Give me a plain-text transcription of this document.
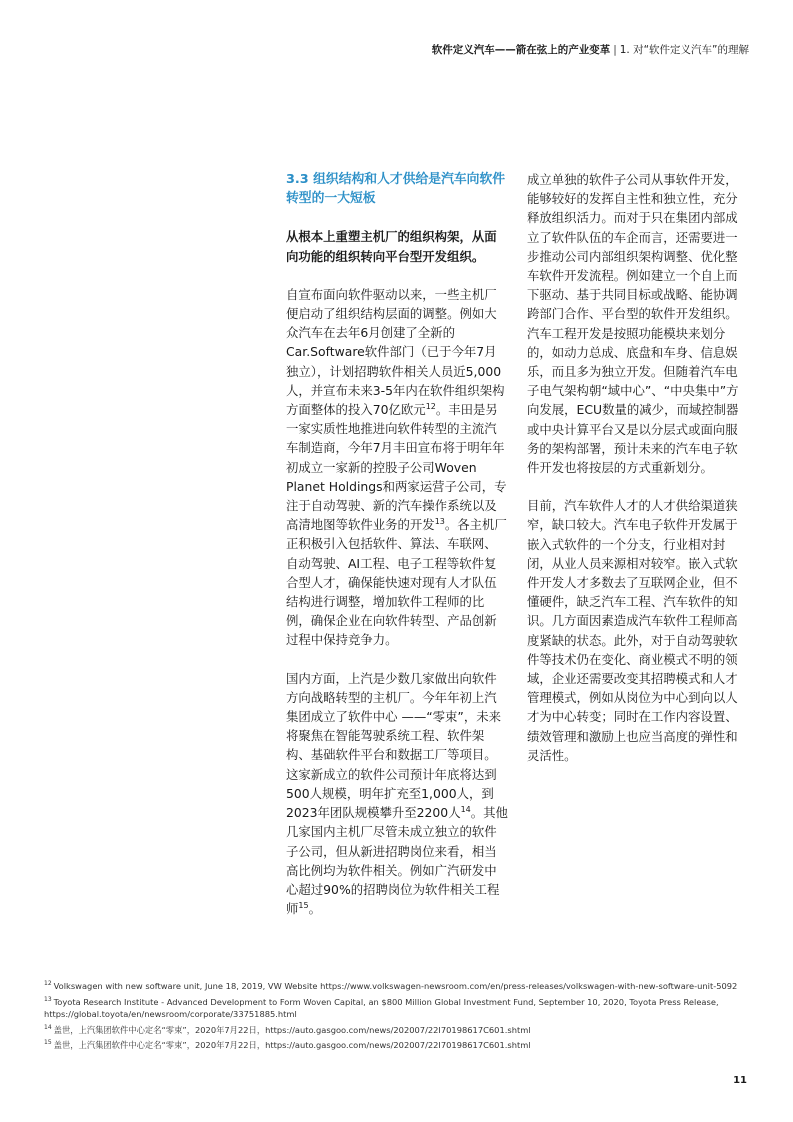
软件定义汽车——箭在弦上的产业变革 | 1. 对“软件定义汽车”的理解

3.3 组织结构和人才供给是汽车向软件转型的一大短板

从根本上重塑主机厂的组织构架，从面向功能的组织转向平台型开发组织。

自宣布面向软件驱动以来，一些主机厂便启动了组织结构层面的调整。例如大众汽车在去年6月创建了全新的Car.Software软件部门（已于今年7月独立），计划招聘软件相关人员近5,000人，并宣布未来3-5年内在软件组织架构方面整体的投入70亿欧元$^{12}$。丰田是另一家实质性地推进向软件转型的主流汽车制造商，今年7月丰田宣布将于明年年初成立一家新的控股子公司Woven Planet Holdings和两家运营子公司，专注于自动驾驶、新的汽车操作系统以及高清地图等软件业务的开发$^{13}$。各主机厂正积极引入包括软件、算法、车联网、自动驾驶、AI工程、电子工程等软件复合型人才，确保能快速对现有人才队伍结构进行调整，增加软件工程师的比例，确保企业在向软件转型、产品创新过程中保持竞争力。

国内方面，上汽是少数几家做出向软件方向战略转型的主机厂。今年年初上汽集团成立了软件中心 ——“零束”，未来将聚焦在智能驾驶系统工程、软件架构、基础软件平台和数据工厂等项目。这家新成立的软件公司预计年底将达到500人规模，明年扩充至1,000人，到2023年团队规模攀升至2200人$^{14}$。其他几家国内主机厂尽管未成立独立的软件子公司，但从新进招聘岗位来看，相当高比例均为软件相关。例如广汽研发中心超过90%的招聘岗位为软件相关工程师$^{15}$。

成立单独的软件子公司从事软件开发，能够较好的发挥自主性和独立性，充分释放组织活力。而对于只在集团内部成立了软件队伍的车企而言，还需要进一步推动公司内部组织架构调整、优化整车软件开发流程。例如建立一个自上而下驱动、基于共同目标或战略、能协调跨部门合作、平台型的软件开发组织。汽车工程开发是按照功能模块来划分的，如动力总成、底盘和车身、信息娱乐，而且多为独立开发。但随着汽车电子电气架构朝“域中心”、“中央集中”方向发展，ECU数量的减少，而域控制器或中央计算平台又是以分层式或面向服务的架构部署，预计未来的汽车电子软件开发也将按层的方式重新划分。

目前，汽车软件人才的人才供给渠道狭窄，缺口较大。汽车电子软件开发属于嵌入式软件的一个分支，行业相对封闭，从业人员来源相对较窄。嵌入式软件开发人才多数去了互联网企业，但不懂硬件，缺乏汽车工程、汽车软件的知识。几方面因素造成汽车软件工程师高度紧缺的状态。此外，对于自动驾驶软件等技术仍在变化、商业模式不明的领域，企业还需要改变其招聘模式和人才管理模式，例如从岗位为中心到向以人才为中心转变；同时在工作内容设置、绩效管理和激励上也应当高度的弹性和灵活性。

$^{12}$ Volkswagen with new software unit, June 18, 2019, VW Website https://www.volkswagen-newsroom.com/en/press-releases/volkswagen-with-new-software-unit-5092

$^{13}$ Toyota Research Institute - Advanced Development to Form Woven Capital, an $800 Million Global Investment Fund, September 10, 2020, Toyota Press Release, https://global.toyota/en/newsroom/corporate/33751885.html

$^{14}$ 盖世，上汽集团软件中心定名“零束”，2020年7月22日，https://auto.gasgoo.com/news/202007/22I70198617C601.shtml

$^{15}$ 盖世，上汽集团软件中心定名“零束”，2020年7月22日，https://auto.gasgoo.com/news/202007/22I70198617C601.shtml

11
